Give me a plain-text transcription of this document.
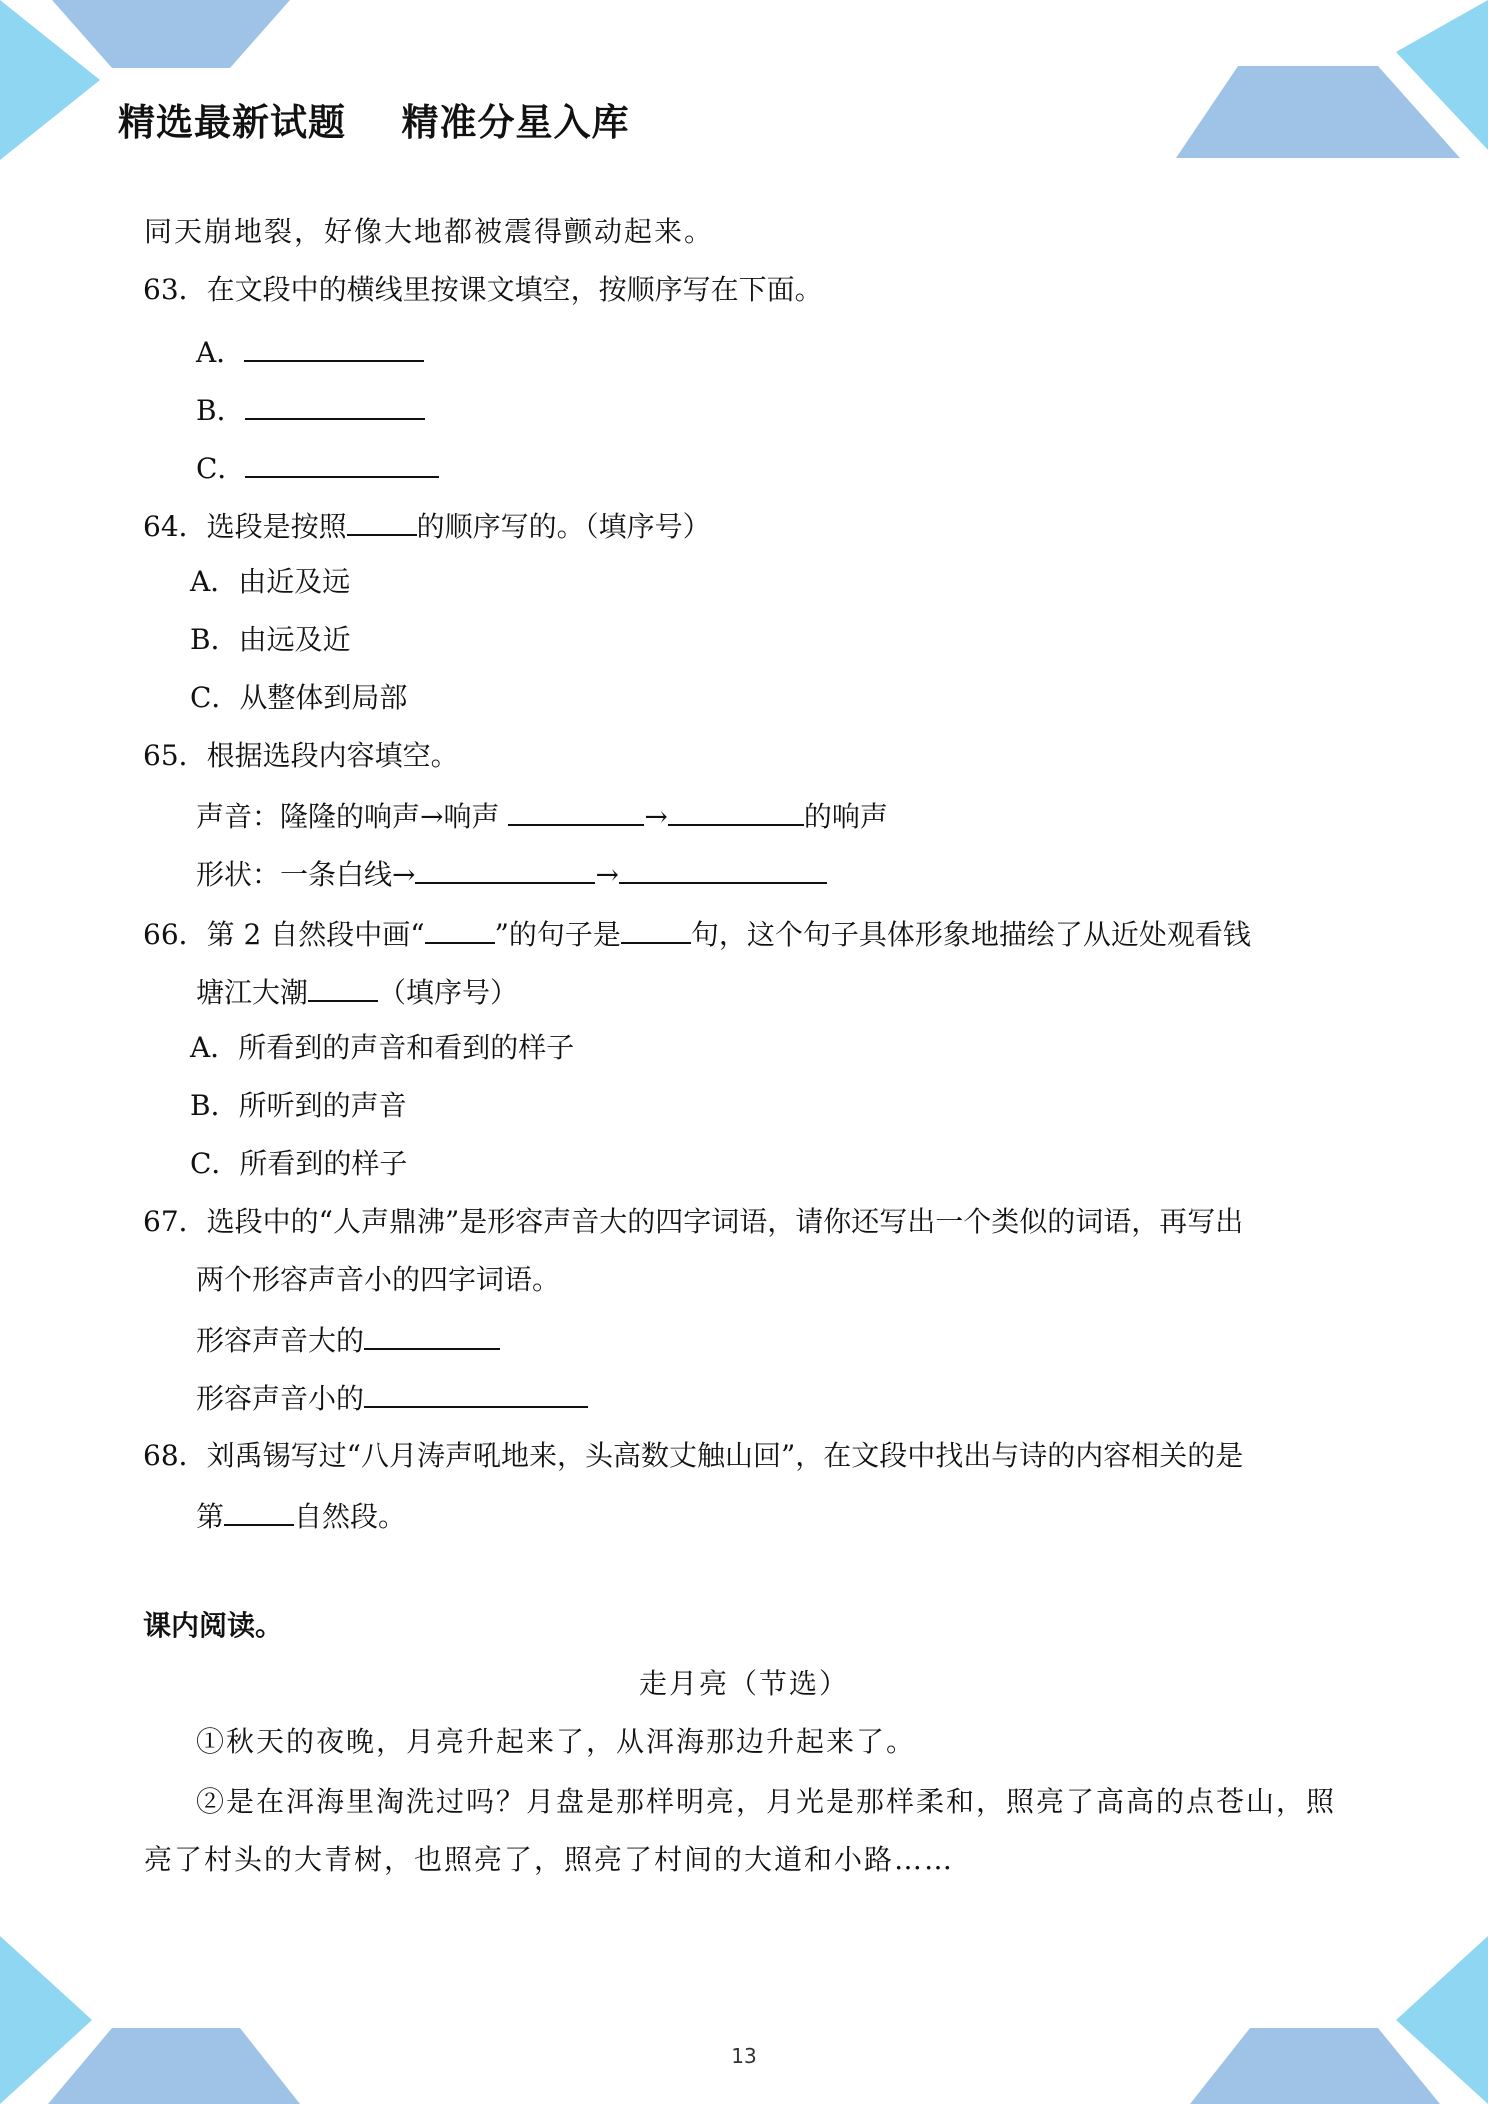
精选最新试题    精准分星入库
同天崩地裂，好像大地都被震得颤动起来。
63．在文段中的横线里按课文填空，按顺序写在下面。
A．
B．
C．
64．选段是按照	的顺序写的。（填序号）
A．由近及远
B．由远及近
C．从整体到局部
65．根据选段内容填空。
声音：隆隆的响声→响声	→	的响声
形状：一条白线→	→
66．第 2 自然段中画“	”的句子是	句，这个句子具体形象地描绘了从近处观看钱
塘江大潮	（填序号）
A．所看到的声音和看到的样子
B．所听到的声音
C．所看到的样子
67．选段中的“人声鼎沸”是形容声音大的四字词语，请你还写出一个类似的词语，再写出
两个形容声音小的四字词语。
形容声音大的
形容声音小的
68．刘禹锡写过“八月涛声吼地来，头高数丈触山回”，在文段中找出与诗的内容相关的是
第	自然段。
课内阅读。
走月亮（节选）
①秋天的夜晚，月亮升起来了，从洱海那边升起来了。
②是在洱海里淘洗过吗？月盘是那样明亮，月光是那样柔和，照亮了高高的点苍山，照
亮了村头的大青树，也照亮了，照亮了村间的大道和小路……
13
